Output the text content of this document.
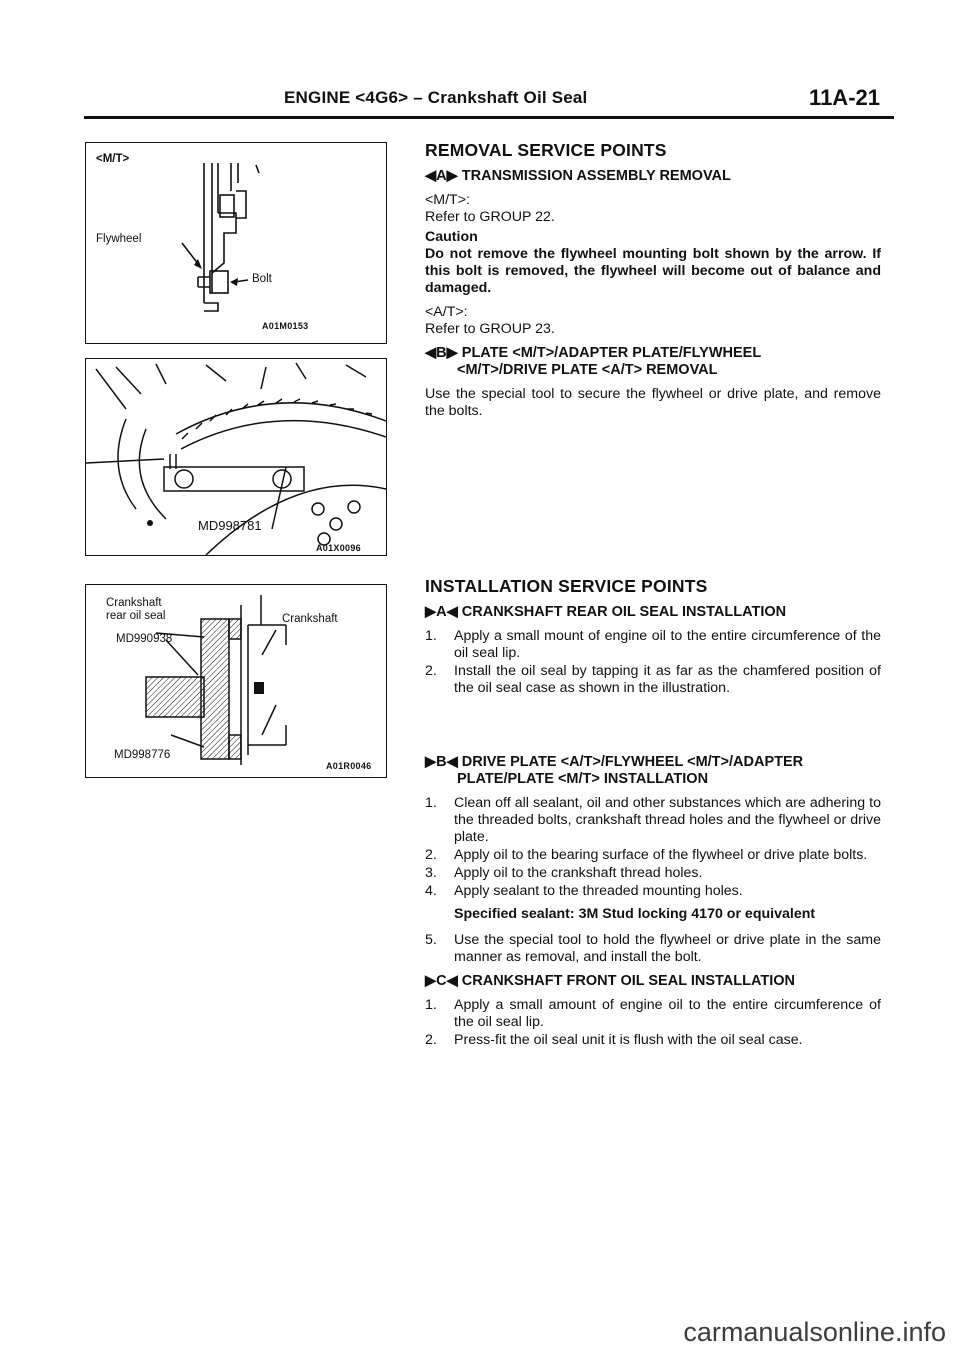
ENGINE <4G6> – Crankshaft Oil Seal	11A-21
<M/T>
Flywheel
Bolt
A01M0153
MD998781
A01X0096
Crankshaft
rear oil seal
MD990938
Crankshaft
MD998776
A01R0046
REMOVAL SERVICE POINTS
◀A▶ TRANSMISSION ASSEMBLY REMOVAL

<M/T>:
Refer to GROUP 22.

Caution

Do not remove the flywheel mounting bolt shown by the arrow. If this bolt is removed, the flywheel will become out of balance and damaged.

<A/T>:
Refer to GROUP 23.

◀B▶ PLATE <M/T>/ADAPTER PLATE/FLYWHEEL
<M/T>/DRIVE PLATE <A/T> REMOVAL

Use the special tool to secure the flywheel or drive plate, and remove the bolts.

INSTALLATION SERVICE POINTS
▶A◀ CRANKSHAFT REAR OIL SEAL INSTALLATION
1. Apply a small mount of engine oil to the entire circumference of the oil seal lip.
2. Install the oil seal by tapping it as far as the chamfered position of the oil seal case as shown in the illustration.
▶B◀ DRIVE PLATE <A/T>/FLYWHEEL <M/T>/ADAPTER
PLATE/PLATE <M/T> INSTALLATION
1. Clean off all sealant, oil and other substances which are adhering to the threaded bolts, crankshaft thread holes and the flywheel or drive plate.
2. Apply oil to the bearing surface of the flywheel or drive plate bolts.
3. Apply oil to the crankshaft thread holes.
4. Apply sealant to the threaded mounting holes.
Specified sealant: 3M Stud locking 4170 or equivalent
5. Use the special tool to hold the flywheel or drive plate in the same manner as removal, and install the bolt.
▶C◀ CRANKSHAFT FRONT OIL SEAL INSTALLATION
1. Apply a small amount of engine oil to the entire circumference of the oil seal lip.
2. Press-fit the oil seal unit it is flush with the oil seal case.
carmanualsonline.info
